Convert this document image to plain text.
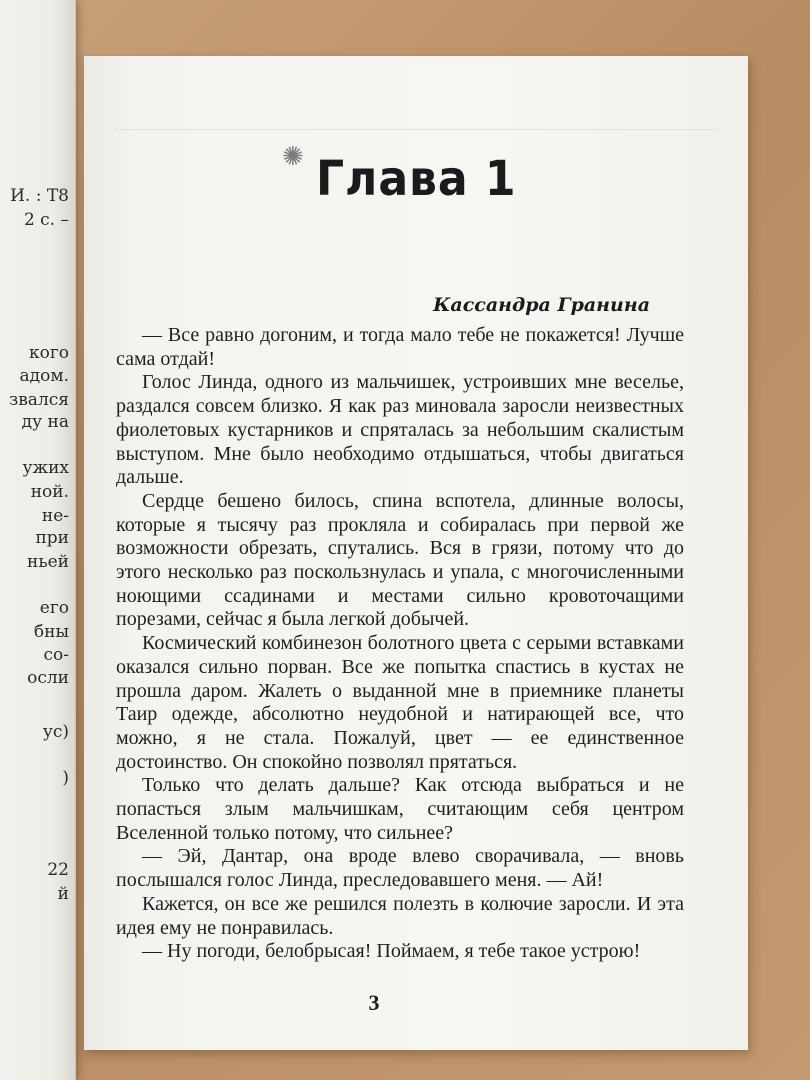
И. : Т8
2 с. –
кого
адом.
звался
ду на
ужих
ной.
не-
при
ньей
его
бны
со-
осли
ус)
)
22
й
✺ Глава 1
Кассандра Гранина

— Все равно догоним, и тогда мало тебе не покажется! Лучше сама отдай!

Голос Линда, одного из мальчишек, устроивших мне веселье, раздался совсем близко. Я как раз миновала заросли неизвестных фиолетовых кустарников и спряталась за небольшим скалистым выступом. Мне было необходимо отдышаться, чтобы двигаться дальше.

Сердце бешено билось, спина вспотела, длинные волосы, которые я тысячу раз прокляла и собиралась при первой же возможности обрезать, спутались. Вся в грязи, потому что до этого несколько раз поскользнулась и упала, с многочисленными ноющими ссадинами и местами сильно кровоточащими порезами, сейчас я была легкой добычей.

Космический комбинезон болотного цвета с серыми вставками оказался сильно порван. Все же попытка спастись в кустах не прошла даром. Жалеть о выданной мне в приемнике планеты Таир одежде, абсолютно неудобной и натирающей все, что можно, я не стала. Пожалуй, цвет — ее единственное достоинство. Он спокойно позволял прятаться.

Только что делать дальше? Как отсюда выбраться и не попасться злым мальчишкам, считающим себя центром Вселенной только потому, что сильнее?

— Эй, Дантар, она вроде влево сворачивала, — вновь послышался голос Линда, преследовавшего меня. — Ай!

Кажется, он все же решился полезть в колючие заросли. И эта идея ему не понравилась.

— Ну погоди, белобрысая! Поймаем, я тебе такое устрою!

3
